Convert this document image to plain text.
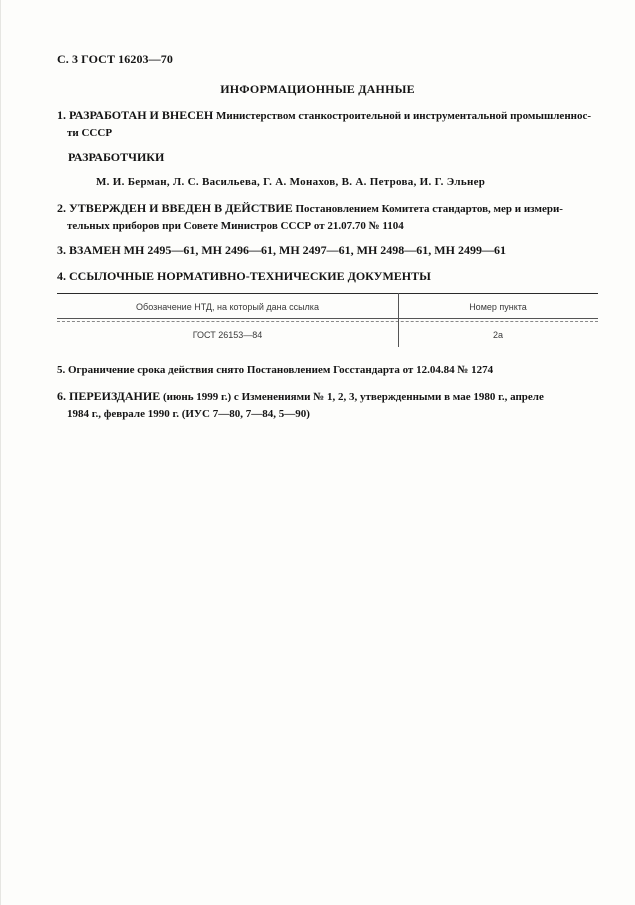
С. 3 ГОСТ 16203—70
ИНФОРМАЦИОННЫЕ ДАННЫЕ
1. РАЗРАБОТАН И ВНЕСЕН Министерством станкостроительной и инструментальной промышленнос-
ти СССР
РАЗРАБОТЧИКИ
М. И. Берман, Л. С. Васильева, Г. А. Монахов, В. А. Петрова, И. Г. Эльнер
2. УТВЕРЖДЕН И ВВЕДЕН В ДЕЙСТВИЕ Постановлением Комитета стандартов, мер и измери-
тельных приборов при Совете Министров СССР от 21.07.70 № 1104
3. ВЗАМЕН МН 2495—61, МН 2496—61, МН 2497—61, МН 2498—61, МН 2499—61
4. ССЫЛОЧНЫЕ НОРМАТИВНО-ТЕХНИЧЕСКИЕ ДОКУМЕНТЫ
Обозначение НТД, на который дана ссылка	Номер пункта
ГОСТ 26153—84	2а
5. Ограничение срока действия снято Постановлением Госстандарта от 12.04.84 № 1274
6. ПЕРЕИЗДАНИЕ (июнь 1999 г.) с Изменениями № 1, 2, 3, утвержденными в мае 1980 г., апреле
1984 г., феврале 1990 г. (ИУС 7—80, 7—84, 5—90)
